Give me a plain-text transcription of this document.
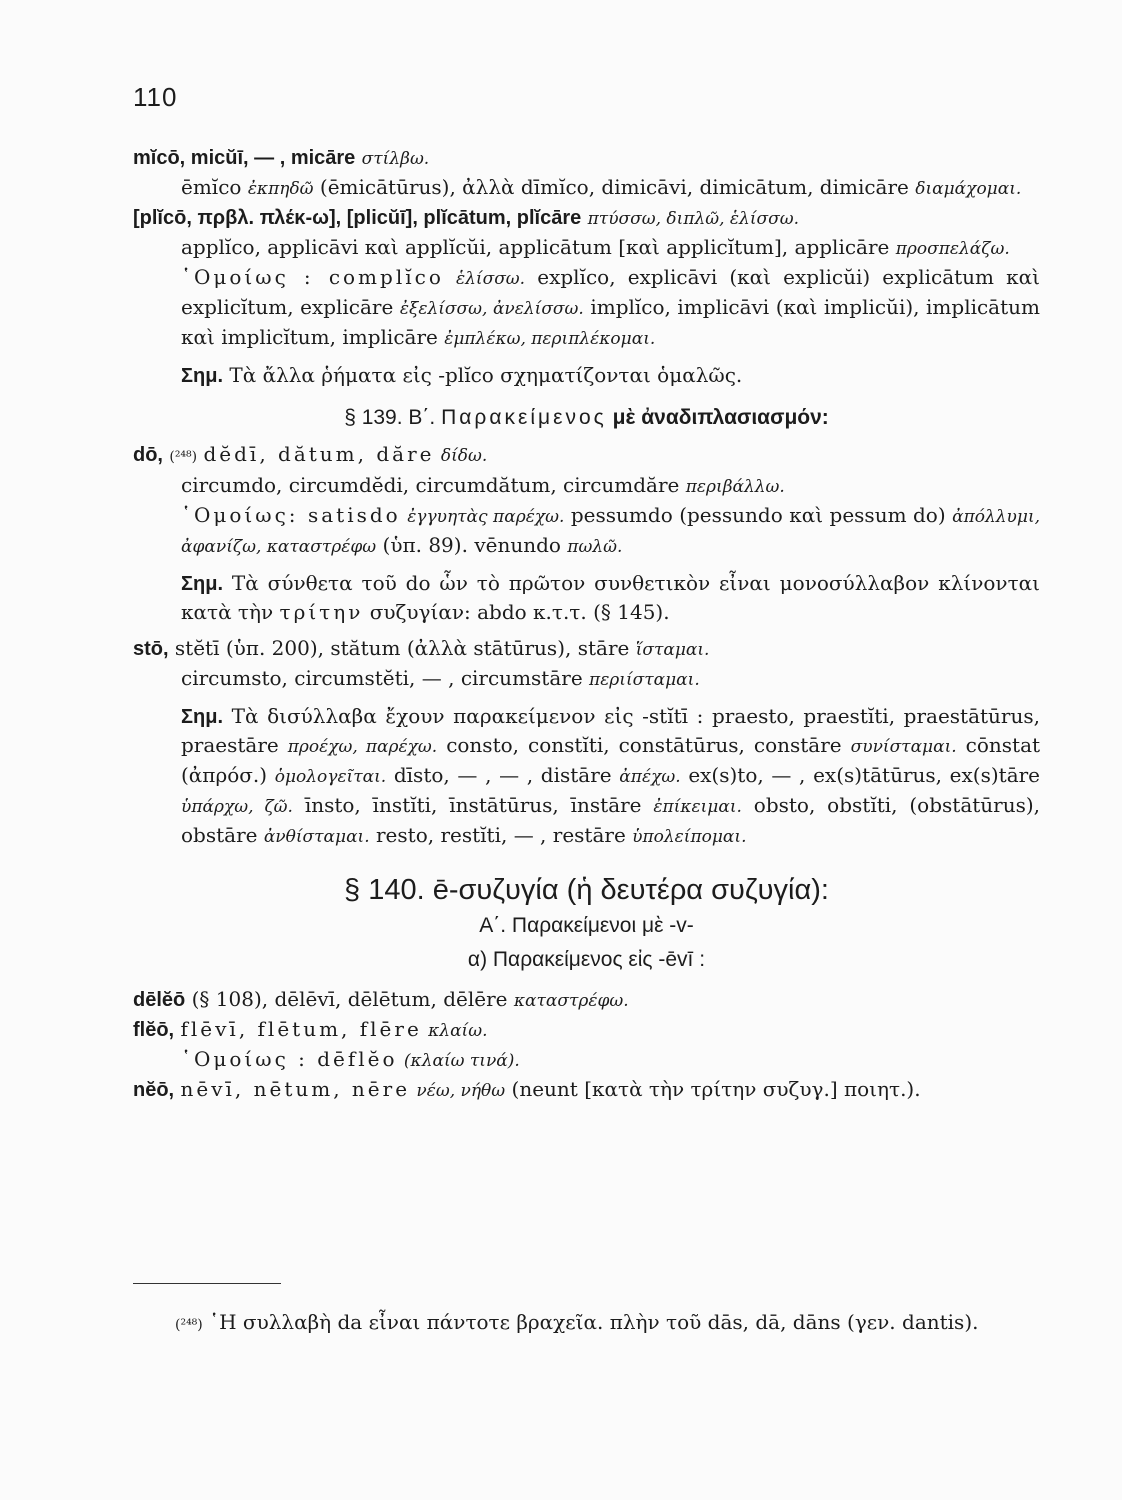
110

mĭcō, micŭī, — , micāre στίλβω.
ēmĭco ἐκπηδῶ (ēmicātūrus), ἀλλὰ dīmĭco, dimicāvi, dimicātum, dimicāre διαμάχομαι.

[plĭcō, πρβλ. πλέκ-ω], [plicŭī], plĭcātum, plĭcāre πτύσσω, διπλῶ, ἑλίσσω.
applĭco, applicāvi καὶ applĭcŭi, applicātum [καὶ applicĭtum], applicāre προσπελάζω.
῾Ομοίως : complĭco ἑλίσσω. explĭco, explicāvi (καὶ explicŭi) explicātum καὶ explicĭtum, explicāre ἐξελίσσω, ἀνελίσσω. implĭco, implicāvi (καὶ implicŭi), implicātum καὶ implicĭtum, implicāre ἐμπλέκω, περιπλέκομαι.

Σημ. Τὰ ἄλλα ῥήματα εἰς -plĭco σχηματίζονται ὁμαλῶς.

§ 139. Β΄. Παρακείμενος μὲ ἀναδιπλασιασμόν:

dō, (²⁴⁸) dĕdī, dătum, dăre δίδω.
circumdo, circumdĕdi, circumdătum, circumdăre περιβάλλω.
῾Ομοίως: satisdo ἐγγυητὰς παρέχω. pessumdo (pessundo καὶ pessum do) ἀπόλλυμι, ἀφανίζω, καταστρέφω (ὑπ. 89). vēnundo πωλῶ.

Σημ. Τὰ σύνθετα τοῦ do ὧν τὸ πρῶτον συνθετικὸν εἶναι μονοσύλλαβον κλίνονται κατὰ τὴν τρίτην συζυγίαν: abdo κ.τ.τ. (§ 145).

stō, stĕtī (ὑπ. 200), stătum (ἀλλὰ stātūrus), stāre ἵσταμαι.
circumsto, circumstĕti, — , circumstāre περιίσταμαι.

Σημ. Τὰ δισύλλαβα ἔχουν παρακείμενον εἰς -stĭtī : praesto, praestĭti, praestātūrus, praestāre προέχω, παρέχω. consto, constĭti, constātūrus, constāre συνίσταμαι. cōnstat (ἀπρόσ.) ὁμολογεῖται. dīsto, — , — , distāre ἀπέχω. ex(s)to, — , ex(s)tātūrus, ex(s)tāre ὑπάρχω, ζῶ. īnsto, īnstĭti, īnstātūrus, īnstāre ἐπίκειμαι. obsto, obstĭti, (obstātūrus), obstāre ἀνθίσταμαι. resto, restĭti, — , restāre ὑπολείπομαι.

§ 140. ē-συζυγία (ἡ δευτέρα συζυγία):

Α΄. Παρακείμενοι μὲ -v-

α) Παρακείμενος εἰς -ēvī :

dēlĕō (§ 108), dēlēvī, dēlētum, dēlēre καταστρέφω.

flĕō, flēvī, flētum, flēre κλαίω.
῾Ομοίως : dēflĕo (κλαίω τινά).

nĕō, nēvī, nētum, nēre νέω, νήθω (neunt [κατὰ τὴν τρίτην συζυγ.] ποιητ.).

(²⁴⁸) ῾Η συλλαβὴ da εἶναι πάντοτε βραχεῖα. πλὴν τοῦ dās, dā, dāns (γεν. dantis).
